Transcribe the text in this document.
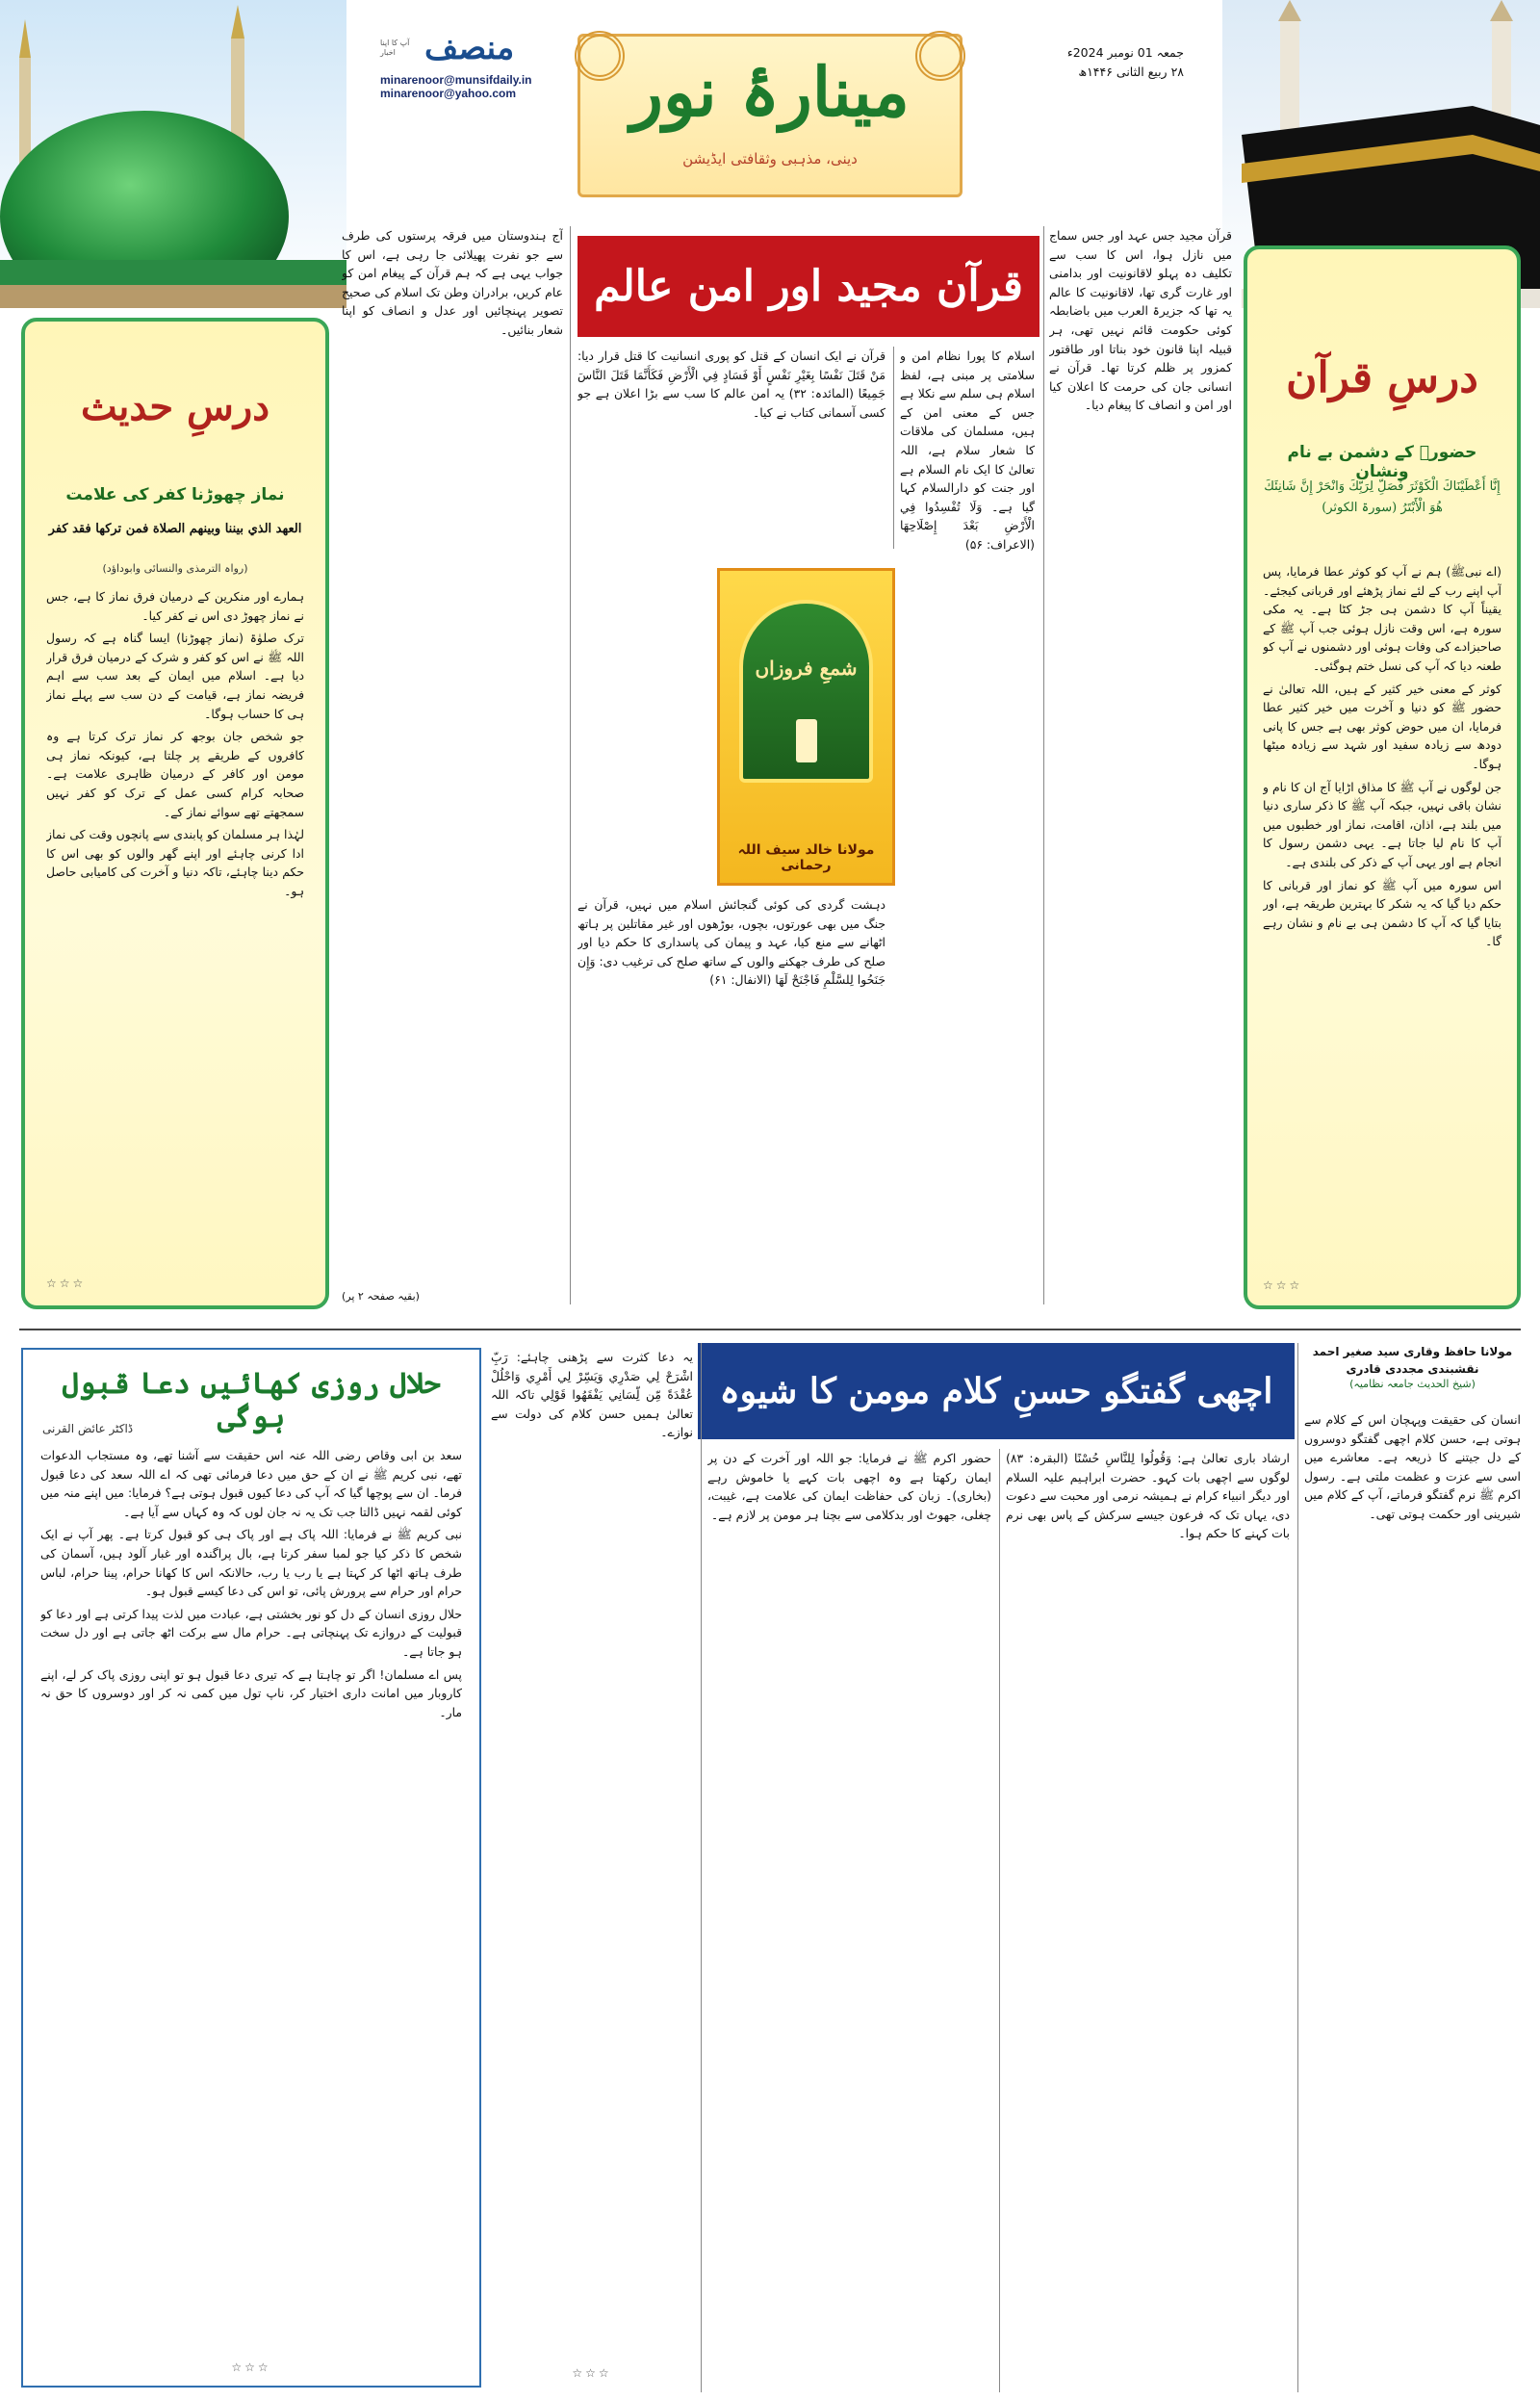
جمعہ 01 نومبر 2024ء
۲۸ ربیع الثانی ۱۴۴۶ھ
منصف
آپ کا اپنا اخبار
minarenoor@munsifdaily.in
minarenoor@yahoo.com	مینارۂ نور
دینی، مذہبی وثقافتی ایڈیشن
درسِ قرآن
حضورؐ کے دشمن بے نام ونشان
إِنَّا أَعْطَيْنَاكَ الْكَوْثَرَ فَصَلِّ لِرَبِّكَ وَانْحَرْ إِنَّ شَانِئَكَ هُوَ الْأَبْتَرُ (سورۃ الکوثر)

(اے نبیﷺ) ہم نے آپ کو کوثر عطا فرمایا، پس آپ اپنے رب کے لئے نماز پڑھئے اور قربانی کیجئے۔ یقیناً آپ کا دشمن ہی جڑ کٹا ہے۔ یہ مکی سورہ ہے، اس وقت نازل ہوئی جب آپ ﷺ کے صاحبزادے کی وفات ہوئی اور دشمنوں نے آپ کو طعنہ دیا کہ آپ کی نسل ختم ہوگئی۔

کوثر کے معنی خیر کثیر کے ہیں، اللہ تعالیٰ نے حضور ﷺ کو دنیا و آخرت میں خیر کثیر عطا فرمایا، ان میں حوض کوثر بھی ہے جس کا پانی دودھ سے زیادہ سفید اور شہد سے زیادہ میٹھا ہوگا۔

جن لوگوں نے آپ ﷺ کا مذاق اڑایا آج ان کا نام و نشان باقی نہیں، جبکہ آپ ﷺ کا ذکر ساری دنیا میں بلند ہے، اذان، اقامت، نماز اور خطبوں میں آپ کا نام لیا جاتا ہے۔ یہی دشمن رسول کا انجام ہے اور یہی آپ کے ذکر کی بلندی ہے۔

اس سورہ میں آپ ﷺ کو نماز اور قربانی کا حکم دیا گیا کہ یہ شکر کا بہترین طریقہ ہے، اور بتایا گیا کہ آپ کا دشمن ہی بے نام و نشان رہے گا۔

☆☆☆
درسِ حدیث
نماز چھوڑنا کفر کی علامت
العهد الذي بيننا وبينهم الصلاة فمن تركها فقد كفر
(رواہ الترمذی والنسائی وابوداؤد)

ہمارے اور منکرین کے درمیان فرق نماز کا ہے، جس نے نماز چھوڑ دی اس نے کفر کیا۔

ترک صلوٰۃ (نماز چھوڑنا) ایسا گناہ ہے کہ رسول اللہ ﷺ نے اس کو کفر و شرک کے درمیان فرق قرار دیا ہے۔ اسلام میں ایمان کے بعد سب سے اہم فریضہ نماز ہے، قیامت کے دن سب سے پہلے نماز ہی کا حساب ہوگا۔

جو شخص جان بوجھ کر نماز ترک کرتا ہے وہ کافروں کے طریقے پر چلتا ہے، کیونکہ نماز ہی مومن اور کافر کے درمیان ظاہری علامت ہے۔ صحابہ کرام کسی عمل کے ترک کو کفر نہیں سمجھتے تھے سوائے نماز کے۔

لہٰذا ہر مسلمان کو پابندی سے پانچوں وقت کی نماز ادا کرنی چاہئے اور اپنے گھر والوں کو بھی اس کا حکم دینا چاہئے، تاکہ دنیا و آخرت کی کامیابی حاصل ہو۔

☆☆☆
قرآن مجید اور امن عالم
شمعِ فروزاں
مولانا خالد سیف اللہ رحمانی
قرآن مجید جس عہد اور جس سماج میں نازل ہوا، اس کا سب سے تکلیف دہ پہلو لاقانونیت اور بدامنی اور غارت گری تھا، لاقانونیت کا عالم یہ تھا کہ جزیرۃ العرب میں باضابطہ کوئی حکومت قائم نہیں تھی، ہر قبیلہ اپنا قانون خود بناتا اور طاقتور کمزور پر ظلم کرتا تھا۔ قرآن نے انسانی جان کی حرمت کا اعلان کیا اور امن و انصاف کا پیغام دیا۔
اسلام کا پورا نظام امن و سلامتی پر مبنی ہے، لفظ اسلام ہی سلم سے نکلا ہے جس کے معنی امن کے ہیں، مسلمان کی ملاقات کا شعار سلام ہے، اللہ تعالیٰ کا ایک نام السلام ہے اور جنت کو دارالسلام کہا گیا ہے۔ وَلَا تُفْسِدُوا فِي الْأَرْضِ بَعْدَ إِصْلَاحِهَا (الاعراف: ۵۶)
قرآن نے ایک انسان کے قتل کو پوری انسانیت کا قتل قرار دیا: مَنْ قَتَلَ نَفْسًا بِغَيْرِ نَفْسٍ أَوْ فَسَادٍ فِي الْأَرْضِ فَكَأَنَّمَا قَتَلَ النَّاسَ جَمِيعًا (المائدہ: ۳۲) یہ امن عالم کا سب سے بڑا اعلان ہے جو کسی آسمانی کتاب نے کیا۔
دہشت گردی کی کوئی گنجائش اسلام میں نہیں، قرآن نے جنگ میں بھی عورتوں، بچوں، بوڑھوں اور غیر مقاتلین پر ہاتھ اٹھانے سے منع کیا، عہد و پیمان کی پاسداری کا حکم دیا اور صلح کی طرف جھکنے والوں کے ساتھ صلح کی ترغیب دی: وَإِن جَنَحُوا لِلسَّلْمِ فَاجْنَحْ لَهَا (الانفال: ۶۱)
آج ہندوستان میں فرقہ پرستوں کی طرف سے جو نفرت پھیلائی جا رہی ہے، اس کا جواب یہی ہے کہ ہم قرآن کے پیغام امن کو عام کریں، برادران وطن تک اسلام کی صحیح تصویر پہنچائیں اور عدل و انصاف کو اپنا شعار بنائیں۔
(بقیہ صفحہ ۲ پر)
اچھی گفتگو حسنِ کلام مومن کا شیوہ
مولانا حافظ وقاری سید صغیر احمد نقشبندی مجددی قادری
(شیخ الحدیث جامعہ نظامیہ)
انسان کی حقیقت وپہچان اس کے کلام سے ہوتی ہے، حسن کلام اچھی گفتگو دوسروں کے دل جیتنے کا ذریعہ ہے۔ معاشرے میں اسی سے عزت و عظمت ملتی ہے۔ رسول اکرم ﷺ نرم گفتگو فرماتے، آپ کے کلام میں شیرینی اور حکمت ہوتی تھی۔
ارشاد باری تعالیٰ ہے: وَقُولُوا لِلنَّاسِ حُسْنًا (البقرہ: ۸۳) لوگوں سے اچھی بات کہو۔ حضرت ابراہیم علیہ السلام اور دیگر انبیاء کرام نے ہمیشہ نرمی اور محبت سے دعوت دی، یہاں تک کہ فرعون جیسے سرکش کے پاس بھی نرم بات کہنے کا حکم ہوا۔
حضور اکرم ﷺ نے فرمایا: جو اللہ اور آخرت کے دن پر ایمان رکھتا ہے وہ اچھی بات کہے یا خاموش رہے (بخاری)۔ زبان کی حفاظت ایمان کی علامت ہے، غیبت، چغلی، جھوٹ اور بدکلامی سے بچنا ہر مومن پر لازم ہے۔
یہ دعا کثرت سے پڑھنی چاہئے: رَبِّ اشْرَحْ لِي صَدْرِي وَيَسِّرْ لِي أَمْرِي وَاحْلُلْ عُقْدَةً مِّن لِّسَانِي يَفْقَهُوا قَوْلِي تاکہ اللہ تعالیٰ ہمیں حسن کلام کی دولت سے نوازے۔
☆☆☆
حلال روزی کھائیں دعا قبول ہوگی
ڈاکٹر عائض القرنی

سعد بن ابی وقاص رضی اللہ عنہ اس حقیقت سے آشنا تھے، وہ مستجاب الدعوات تھے، نبی کریم ﷺ نے ان کے حق میں دعا فرمائی تھی کہ اے اللہ سعد کی دعا قبول فرما۔ ان سے پوچھا گیا کہ آپ کی دعا کیوں قبول ہوتی ہے؟ فرمایا: میں اپنے منہ میں کوئی لقمہ نہیں ڈالتا جب تک یہ نہ جان لوں کہ وہ کہاں سے آیا ہے۔

نبی کریم ﷺ نے فرمایا: اللہ پاک ہے اور پاک ہی کو قبول کرتا ہے۔ پھر آپ نے ایک شخص کا ذکر کیا جو لمبا سفر کرتا ہے، بال پراگندہ اور غبار آلود ہیں، آسمان کی طرف ہاتھ اٹھا کر کہتا ہے یا رب یا رب، حالانکہ اس کا کھانا حرام، پینا حرام، لباس حرام اور حرام سے پرورش پائی، تو اس کی دعا کیسے قبول ہو۔

حلال روزی انسان کے دل کو نور بخشتی ہے، عبادت میں لذت پیدا کرتی ہے اور دعا کو قبولیت کے دروازے تک پہنچاتی ہے۔ حرام مال سے برکت اٹھ جاتی ہے اور دل سخت ہو جاتا ہے۔

پس اے مسلمان! اگر تو چاہتا ہے کہ تیری دعا قبول ہو تو اپنی روزی پاک کر لے، اپنے کاروبار میں امانت داری اختیار کر، ناپ تول میں کمی نہ کر اور دوسروں کا حق نہ مار۔

☆☆☆
